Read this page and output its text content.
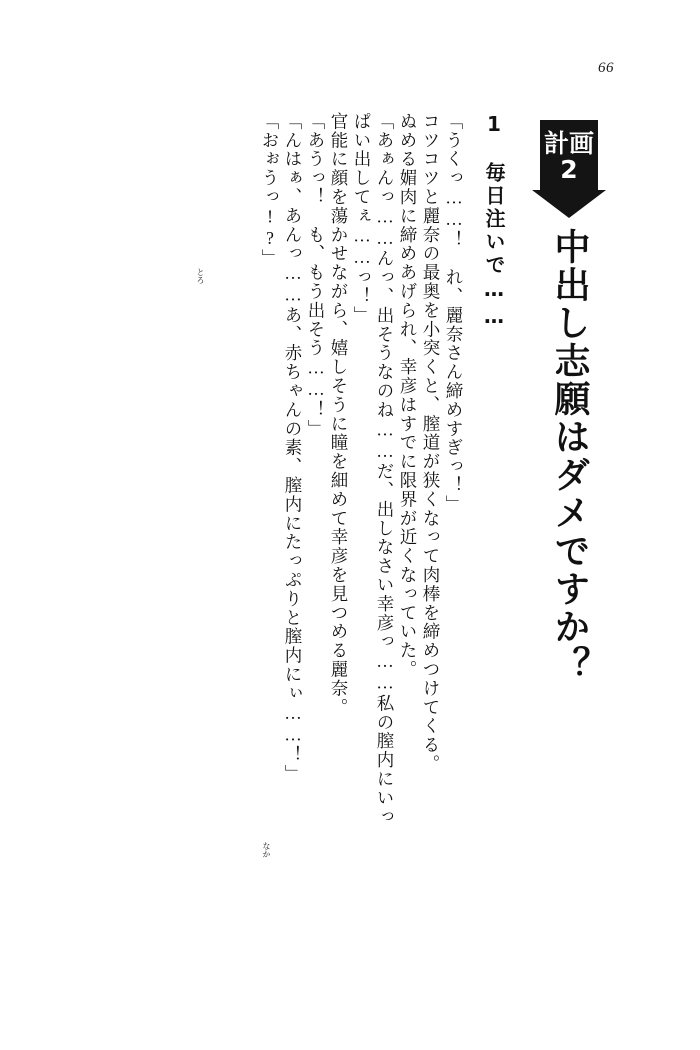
66
計画
2
中出し志願はダメですか？
1　毎日注いで……
「うくっ……！　れ、麗奈さん締めすぎっ！」
コツコツと麗奈の最奥を小突くと、膣道が狭くなって肉棒を締めつけてくる。
ぬめる媚肉に締めあげられ、幸彦はすでに限界が近くなっていた。
「あぁんっ……んっ、出そうなのね……だ、出しなさい幸彦っ……私の膣内にいっ
ぱい出してぇ……っ！」
官能に顔を蕩かせながら、嬉しそうに瞳を細めて幸彦を見つめる麗奈。
「あうっ！　も、もう出そう……！」
「んはぁ、あんっ……あ、赤ちゃんの素、膣内にたっぷりと膣内にぃ……！」
「おぉうっ!?」
とろ
なか
